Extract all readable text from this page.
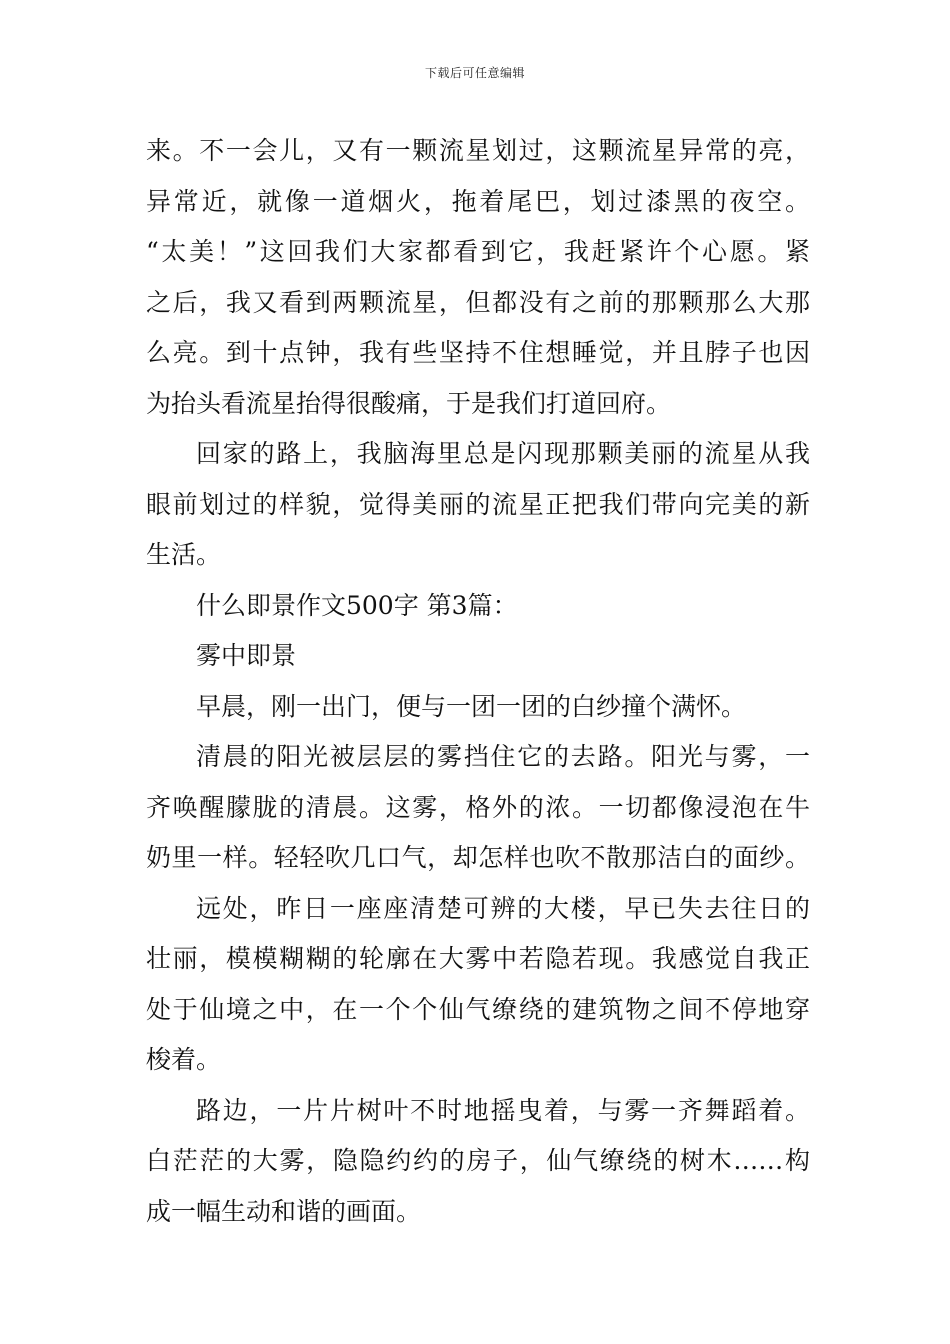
下载后可任意编辑
来。不一会儿，又有一颗流星划过，这颗流星异常的亮，
异常近，就像一道烟火，拖着尾巴，划过漆黑的夜空。
“太美！”这回我们大家都看到它，我赶紧许个心愿。紧
之后，我又看到两颗流星，但都没有之前的那颗那么大那
么亮。到十点钟，我有些坚持不住想睡觉，并且脖子也因
为抬头看流星抬得很酸痛，于是我们打道回府。
回家的路上，我脑海里总是闪现那颗美丽的流星从我
眼前划过的样貌，觉得美丽的流星正把我们带向完美的新
生活。
什么即景作文500字 第3篇：
雾中即景
早晨，刚一出门，便与一团一团的白纱撞个满怀。
清晨的阳光被层层的雾挡住它的去路。阳光与雾，一
齐唤醒朦胧的清晨。这雾，格外的浓。一切都像浸泡在牛
奶里一样。轻轻吹几口气，却怎样也吹不散那洁白的面纱。
远处，昨日一座座清楚可辨的大楼，早已失去往日的
壮丽，模模糊糊的轮廓在大雾中若隐若现。我感觉自我正
处于仙境之中，在一个个仙气缭绕的建筑物之间不停地穿
梭着。
路边，一片片树叶不时地摇曳着，与雾一齐舞蹈着。
白茫茫的大雾，隐隐约约的房子，仙气缭绕的树木……构
成一幅生动和谐的画面。
